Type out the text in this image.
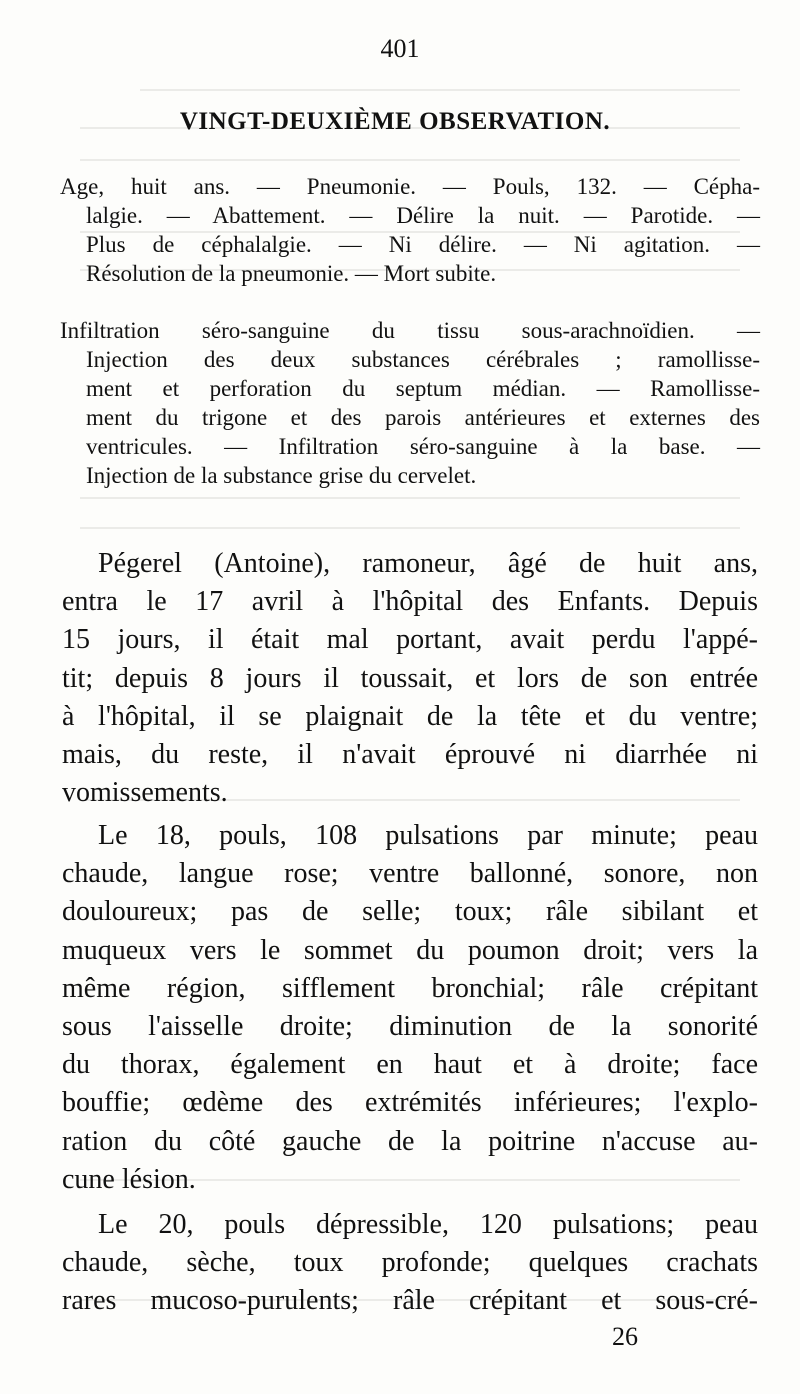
401
VINGT-DEUXIÈME OBSERVATION.
Age, huit ans. — Pneumonie. — Pouls, 132. — Cépha-
lalgie. — Abattement. — Délire la nuit. — Parotide. —
Plus de céphalalgie. — Ni délire. — Ni agitation. —
Résolution de la pneumonie. — Mort subite.
Infiltration séro-sanguine du tissu sous-arachnoïdien. —
Injection des deux substances cérébrales ; ramollisse-
ment et perforation du septum médian. — Ramollisse-
ment du trigone et des parois antérieures et externes des
ventricules. — Infiltration séro-sanguine à la base. —
Injection de la substance grise du cervelet.
Pégerel (Antoine), ramoneur, âgé de huit ans,
entra le 17 avril à l'hôpital des Enfants. Depuis
15 jours, il était mal portant, avait perdu l'appé-
tit; depuis 8 jours il toussait, et lors de son entrée
à l'hôpital, il se plaignait de la tête et du ventre;
mais, du reste, il n'avait éprouvé ni diarrhée ni
vomissements.
Le 18, pouls, 108 pulsations par minute; peau
chaude, langue rose; ventre ballonné, sonore, non
douloureux; pas de selle; toux; râle sibilant et
muqueux vers le sommet du poumon droit; vers la
même région, sifflement bronchial; râle crépitant
sous l'aisselle droite; diminution de la sonorité
du thorax, également en haut et à droite; face
bouffie; œdème des extrémités inférieures; l'explo-
ration du côté gauche de la poitrine n'accuse au-
cune lésion.
Le 20, pouls dépressible, 120 pulsations; peau
chaude, sèche, toux profonde; quelques crachats
rares mucoso-purulents; râle crépitant et sous-cré-
26
